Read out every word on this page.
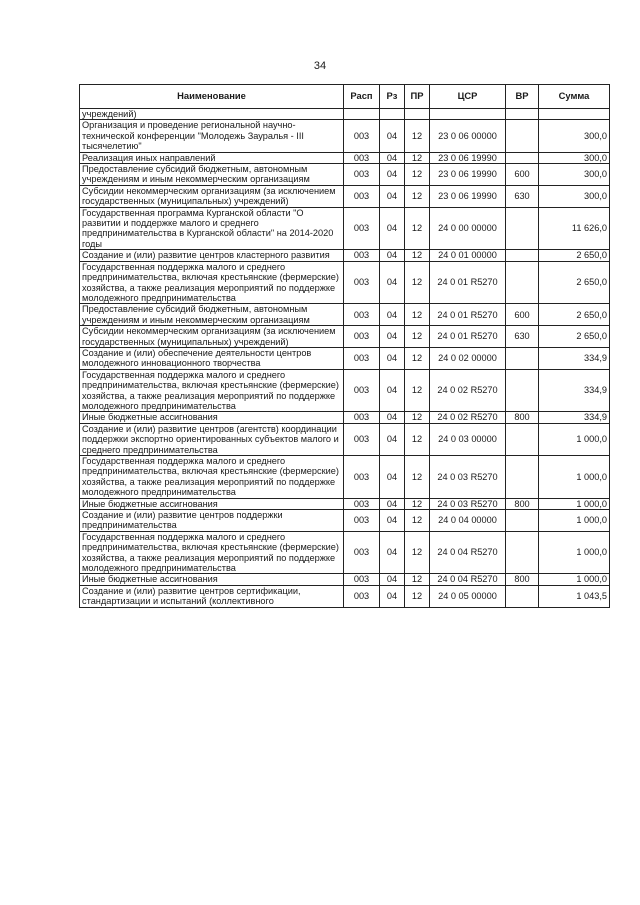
34
Наименование	Расп	Рз	ПР	ЦСР	ВР	Сумма
учреждений)						
Организация и проведение региональной научно-технической конференции "Молодежь Зауралья - III тысячелетию"	003	04	12	23 0 06 00000		300,0
Реализация иных направлений	003	04	12	23 0 06 19990		300,0
Предоставление субсидий бюджетным, автономным учреждениям и иным некоммерческим организациям	003	04	12	23 0 06 19990	600	300,0
Субсидии некоммерческим организациям (за исключением государственных (муниципальных) учреждений)	003	04	12	23 0 06 19990	630	300,0
Государственная программа Курганской области "О развитии и поддержке малого и среднего предпринимательства в Курганской области" на 2014-2020 годы	003	04	12	24 0 00 00000		11 626,0
Создание и (или) развитие центров кластерного развития	003	04	12	24 0 01 00000		2 650,0
Государственная поддержка малого и среднего предпринимательства, включая крестьянские (фермерские) хозяйства, а также реализация мероприятий по поддержке молодежного предпринимательства	003	04	12	24 0 01 R5270		2 650,0
Предоставление субсидий бюджетным, автономным учреждениям и иным некоммерческим организациям	003	04	12	24 0 01 R5270	600	2 650,0
Субсидии некоммерческим организациям (за исключением государственных (муниципальных) учреждений)	003	04	12	24 0 01 R5270	630	2 650,0
Создание и (или) обеспечение деятельности центров молодежного инновационного творчества	003	04	12	24 0 02 00000		334,9
Государственная поддержка малого и среднего предпринимательства, включая крестьянские (фермерские) хозяйства, а также реализация мероприятий по поддержке молодежного предпринимательства	003	04	12	24 0 02 R5270		334,9
Иные бюджетные ассигнования	003	04	12	24 0 02 R5270	800	334,9
Создание и (или) развитие центров (агентств) координации поддержки экспортно ориентированных субъектов малого и среднего предпринимательства	003	04	12	24 0 03 00000		1 000,0
Государственная поддержка малого и среднего предпринимательства, включая крестьянские (фермерские) хозяйства, а также реализация мероприятий по поддержке молодежного предпринимательства	003	04	12	24 0 03 R5270		1 000,0
Иные бюджетные ассигнования	003	04	12	24 0 03 R5270	800	1 000,0
Создание и (или) развитие центров поддержки предпринимательства	003	04	12	24 0 04 00000		1 000,0
Государственная поддержка малого и среднего предпринимательства, включая крестьянские (фермерские) хозяйства, а также реализация мероприятий по поддержке молодежного предпринимательства	003	04	12	24 0 04 R5270		1 000,0
Иные бюджетные ассигнования	003	04	12	24 0 04 R5270	800	1 000,0
Создание и (или) развитие центров сертификации, стандартизации и испытаний (коллективного	003	04	12	24 0 05 00000		1 043,5
